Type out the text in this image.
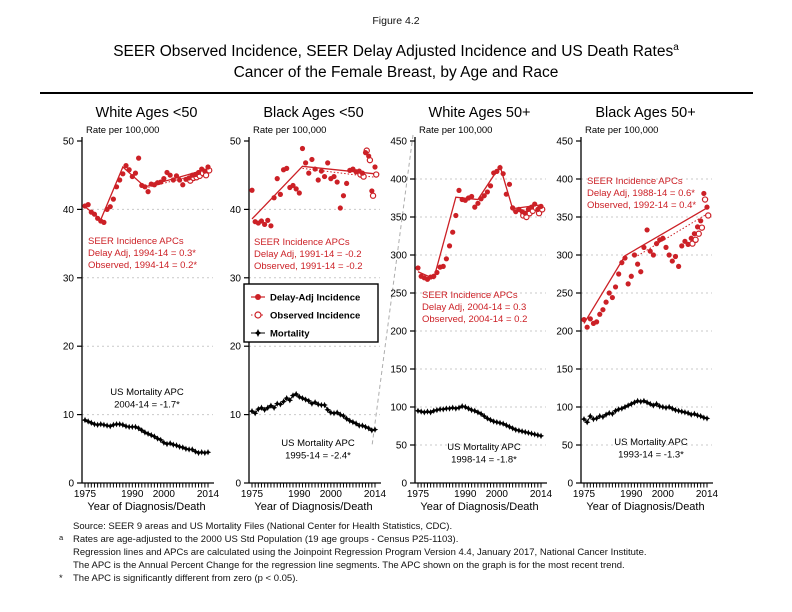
Figure 4.2
SEER Observed Incidence, SEER Delay Adjusted Incidence and US Death Rates$^a$
Cancer of the Female Breast, by Age and Race
White Ages <50
Rate per 100,000
0
10
20
30
40
50
1975	1990 2000 2014
Year of Diagnosis/Death
SEER Incidence APCs
Delay Adj, 1994-14 = 0.3*
Observed, 1994-14 = 0.2*
US Mortality APC
2004-14 = -1.7*
Black Ages <50
Rate per 100,000
0
10
20
30
40
50
1975	1990 2000 2014
Year of Diagnosis/Death
SEER Incidence APCs
Delay Adj, 1991-14 = -0.2
Observed, 1991-14 = -0.2
US Mortality APC
1995-14 = -2.4*
White Ages 50+
Rate per 100,000
0
50
100
150
200
250
300
350
400
450
1975	1990 2000 2014
Year of Diagnosis/Death
SEER Incidence APCs
Delay Adj, 2004-14 = 0.3
Observed, 2004-14 = 0.2
US Mortality APC
1998-14 = -1.8*
Black Ages 50+
Rate per 100,000
0
50
100
150
200
250
300
350
400
450
1975	1990 2000 2014
Year of Diagnosis/Death
SEER Incidence APCs
Delay Adj, 1988-14 = 0.6*
Observed, 1992-14 = 0.4*
US Mortality APC
1993-14 = -1.3*
Delay-Adj Incidence
Observed Incidence
Mortality
Source: SEER 9 areas and US Mortality Files (National Center for Health Statistics, CDC).
a Rates are age-adjusted to the 2000 US Std Population (19 age groups - Census P25-1103).
Regression lines and APCs are calculated using the Joinpoint Regression Program Version 4.4, January 2017, National Cancer Institute.
The APC is the Annual Percent Change for the regression line segments. The APC shown on the graph is for the most recent trend.
* The APC is significantly different from zero (p < 0.05).
